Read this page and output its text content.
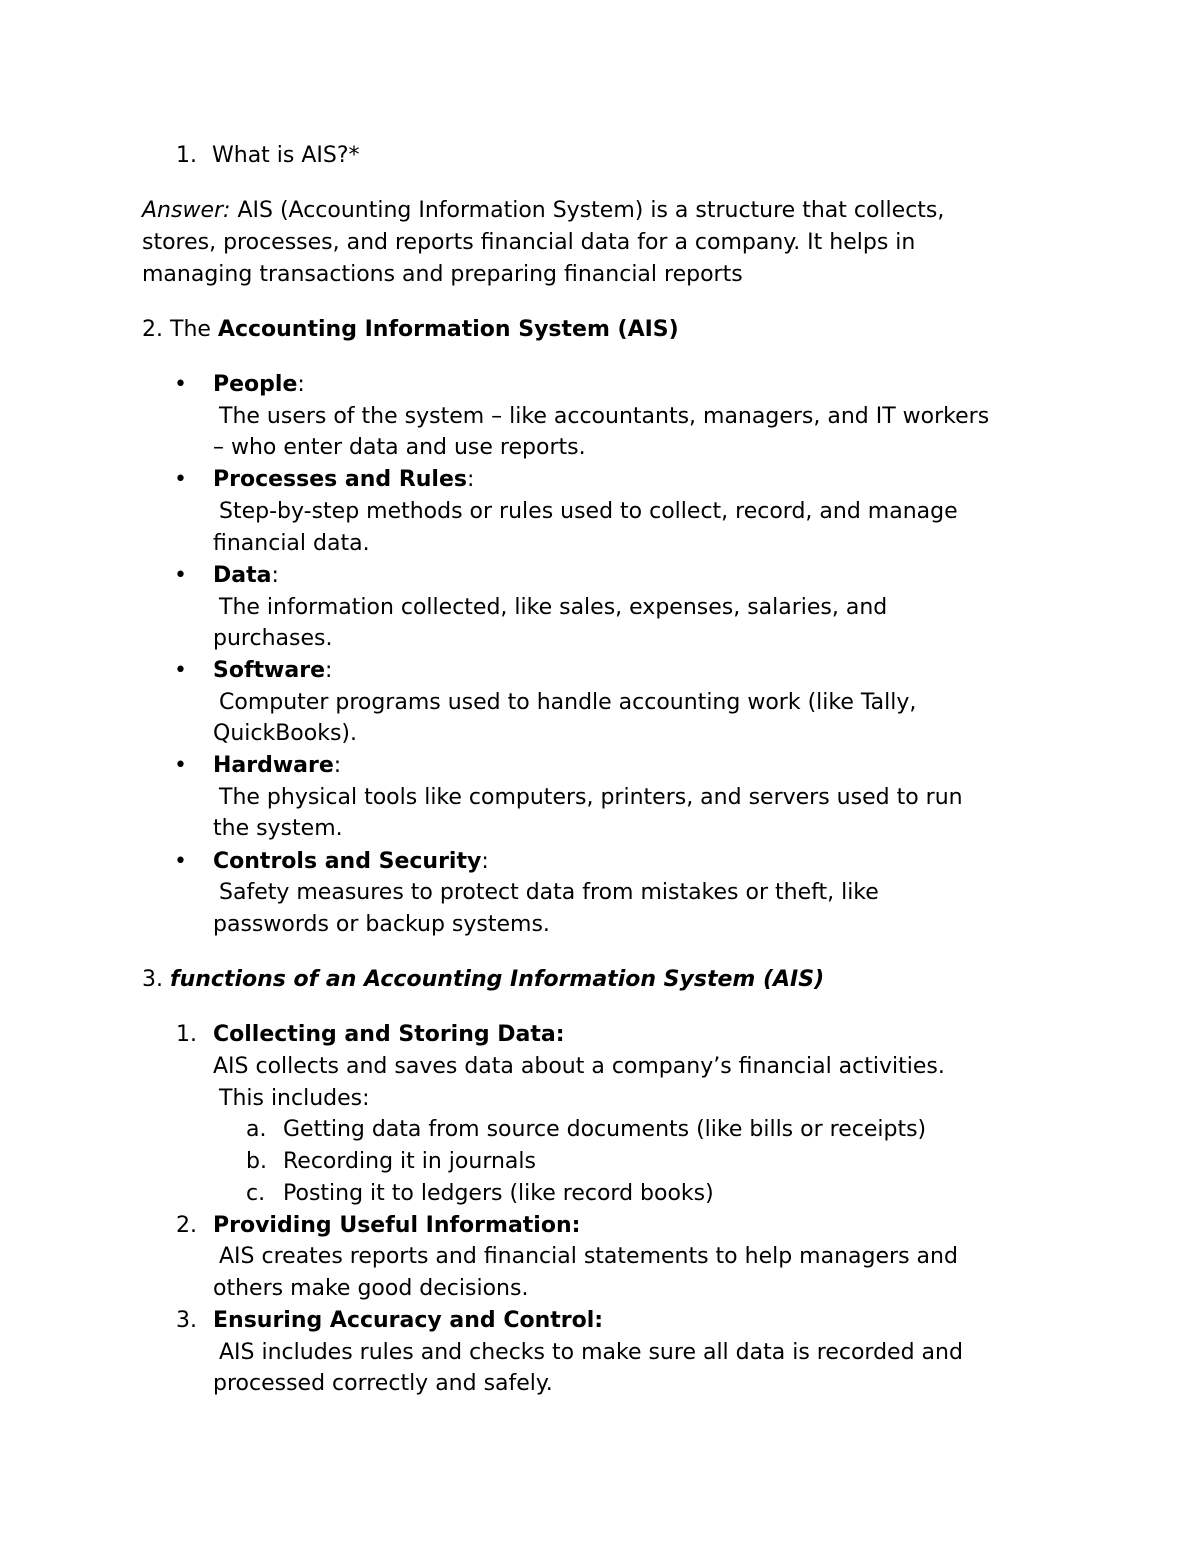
1. What is AIS?*
Answer: AIS (Accounting Information System) is a structure that collects,
stores, processes, and reports financial data for a company. It helps in
managing transactions and preparing financial reports
2. The Accounting Information System (AIS)
• People:
The users of the system – like accountants, managers, and IT workers
– who enter data and use reports.
• Processes and Rules:
Step-by-step methods or rules used to collect, record, and manage
financial data.
• Data:
The information collected, like sales, expenses, salaries, and
purchases.
• Software:
Computer programs used to handle accounting work (like Tally,
QuickBooks).
• Hardware:
The physical tools like computers, printers, and servers used to run
the system.
• Controls and Security:
Safety measures to protect data from mistakes or theft, like
passwords or backup systems.
3. functions of an Accounting Information System (AIS)
1. Collecting and Storing Data:
AIS collects and saves data about a company’s financial activities.
This includes:
a. Getting data from source documents (like bills or receipts)
b. Recording it in journals
c. Posting it to ledgers (like record books)
2. Providing Useful Information:
AIS creates reports and financial statements to help managers and
others make good decisions.
3. Ensuring Accuracy and Control:
AIS includes rules and checks to make sure all data is recorded and
processed correctly and safely.
